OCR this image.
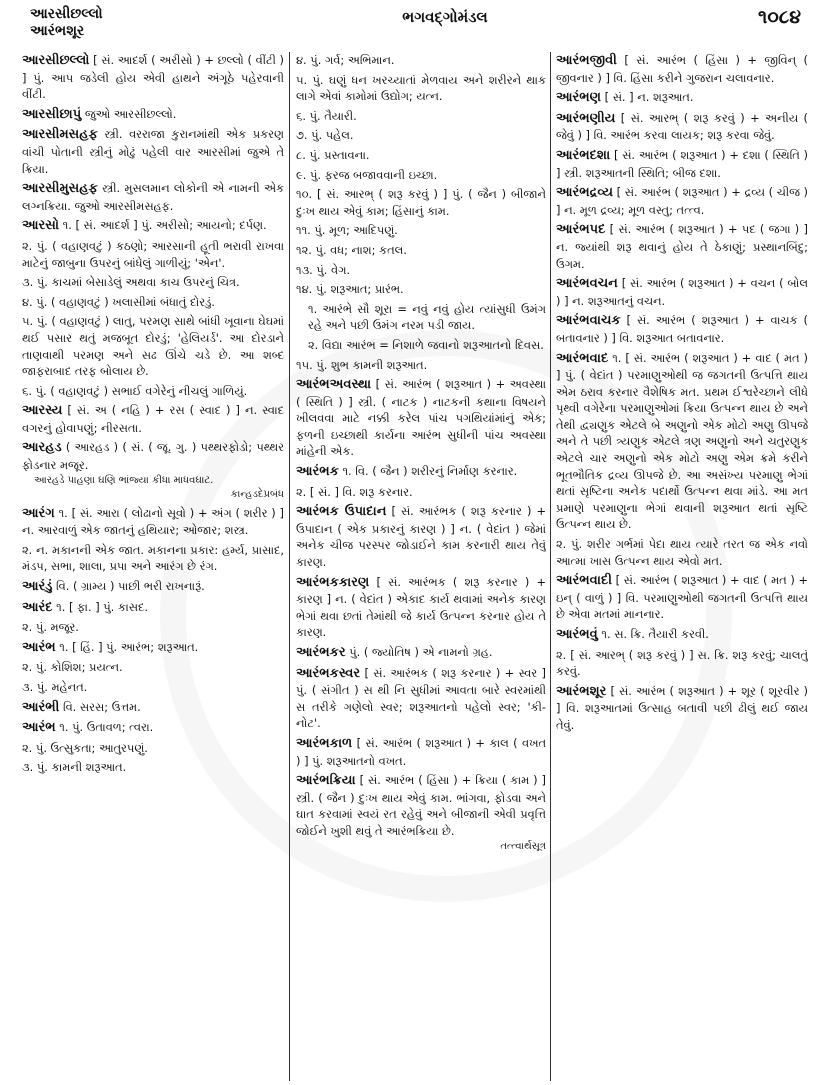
આરસીછલ્લો
આરંભશૂર
ભગવદ્ગોમંડલ	૧૦૮૪
આરસીછલ્લો [ સં. આદર્શ ( અરીસો ) + છલ્લો ( વીંટી ) ] પું. આપ જડેલી હોય એવી હાથને અંગૂઠે પહેરવાની વીંટી.
આરસીછાપું જુઓ આરસીછલ્લો.
આરસીમસહફ સ્ત્રી. વરરાજા કુરાનમાંથી એક પ્રકરણ વાંચી પોતાની સ્ત્રીનું મોઢું પહેલી વાર આરસીમાં જુએ તે ક્રિયા.
આરસીમુસહફ સ્ત્રી. મુસલમાન લોકોની એ નામની એક લગ્નક્રિયા. જુઓ આરસીમસહફ.
આરસો ૧. [ સં. આદર્શ ] પું. અરીસો; આયનો; દર્પણ.
૨. પું. ( વહાણવટું ) કઠણો; આરસાની હૂતી ભરાવી રાખવા માટેનું જાબુના ઉપરનું બાંધેલું ગાળીયું; 'એન'.
૩. પું. કાચમાં બેસાડેલું અથવા કાચ ઉપરનું ચિત્ર.
૪. પું. ( વહાણવટું ) ખલાસીમાં બંધાતું દોરડું.
૫. પું. ( વહાણવટું ) લાતુ, પરમણ સાથે બાંધી ખૂવાના ઘેઘમાં થઈ પસાર થતું મજબૂત દોરડું; 'હેલિયર્ડ'. આ દોરડાને તાણવાથી પરમણ અને સઢ ઊંચે ચડે છે. આ શબ્દ જાફરાબાદ તરફ બોલાય છે.
૬. પું. ( વહાણવટું ) સભાઈ વગેરેનું નીચલું ગાળિયું.
આરસ્ય [ સં. અ ( નહિ ) + રસ ( સ્વાદ ) ] ન. સ્વાદ વગરનું હોવાપણું; નીરસતા.
આરહડ ( આરહડ ) ( સં. ( જૂ. ગુ. ) પથ્થરફોડો; પથ્થર ફોડનાર મજૂર.
આરહડે પાહણા ઘણિ ભાંજ્યા કીધા માધવઘાટ.
કાન્હડદેપ્રબંધ
આરંગ ૧. [ સં. આરા ( લોઢાનો સૂવો ) + અંગ ( શરીર ) ] ન. આરવાળું એક જાતનું હથિયાર; ઓજાર; શસ્ત્ર.
૨. ન. મકાનની એક જાત. મકાનના પ્રકાર: હર્મ્ય, પ્રાસાદ, મંડપ, સભા, શાલા, પ્રપા અને આરંગ છે રંગ.
આરંડું વિ. ( ગ્રામ્ય ) પાછી ભરી રાખનારૂં.
આરંદ ૧. [ ફા. ] પું. કાસદ.
૨. પું. મજૂર.
આરંભ ૧. [ હિં. ] પું. આરંભ; શરૂઆત.
૨. પું. કોશિશ; પ્રયત્ન.
૩. પું. મહેનત.
આરંભી વિ. સરસ; ઉત્તમ.
આરંભ ૧. પું. ઉતાવળ; ત્વરા.
૨. પું. ઉત્સુકતા; આતુરપણું.
૩. પું. કામની શરૂઆત.
૪. પું. ગર્વ; અભિમાન.
૫. પું. ઘણું ધન ખરચ્યાતાં મેળવાય અને શરીરને થાક લાગે એવાં કામોમાં ઉદ્યોગ; યત્ન.
૬. પું. તૈયારી.
૭. પું. પહેલ.
૮. પું. પ્રસ્તાવના.
૯. પું. ફરજ બજાવવાની ઇચ્છા.
૧૦. [ સં. આરભ્ ( શરૂ કરવું ) ] પું. ( જૈન ) બીજાને દુઃખ થાય એવું કામ; હિંસાનું કામ.
૧૧. પું. મૂળ; આદિપણું.
૧૨. પું. વધ; નાશ; કતલ.
૧૩. પું. વેગ.
૧૪. પું. શરૂઆત; પ્રારંભ.
૧. આરંભે સૌ શૂરા = નવું નવું હોય ત્યાંસુધી ઉમંગ રહે અને પછી ઉમંગ નરમ પડી જાય.
૨. વિદ્યા આરંભ = નિશાળે જવાનો શરૂઆતનો દિવસ.
૧૫. પું. શુભ કામની શરૂઆત.
આરંભઅવસ્થા [ સં. આરંભ ( શરૂઆત ) + અવસ્થા ( સ્થિતિ ) ] સ્ત્રી. ( નાટક ) નાટકની કથાના વિષયને ખીલવવા માટે નક્કી કરેલ પાંચ પગથિયાંમાંનું એક; ફળની ઇચ્છાથી કાર્યના આરંભ સુધીની પાંચ અવસ્થા માંહેની એક.
આરંભક ૧. વિ. ( જૈન ) શરીરનું નિર્માણ કરનાર.
૨. [ સં. ] વિ. શરૂ કરનાર.
આરંભક ઉપાદાન [ સં. આરંભક ( શરૂ કરનાર ) + ઉપાદાન ( એક પ્રકારનું કારણ ) ] ન. ( વેદાંત ) જેમાં અનેક ચીજ પરસ્પર જોડાઈને કામ કરનારી થાય તેવું કારણ.
આરંભકકારણ [ સં. આરંભક ( શરૂ કરનાર ) + કારણ ] ન. ( વેદાંત ) એકાદ કાર્ય થવામાં અનેક કારણ ભેગાં થવા છતાં તેમાંથી જે કાર્ય ઉત્પન્ન કરનાર હોય તે કારણ.
આરંભકર પું. ( જ્યોતિષ ) એ નામનો ગ્રહ.
આરંભકસ્વર [ સં. આરંભક ( શરૂ કરનાર ) + સ્વર ] પું. ( સંગીત ) સ થી નિ સુધીમાં આવતા બારે સ્વરમાંથી સ તરીકે ગણેલો સ્વર; શરૂઆતનો પહેલો સ્વર; 'કી-નોટ'.
આરંભકાળ [ સં. આરંભ ( શરૂઆત ) + કાલ ( વખત ) ] પું. શરૂઆતનો વખત.
આરંભક્રિયા [ સં. આરંભ ( હિંસા ) + ક્રિયા ( કામ ) ] સ્ત્રી. ( જૈન ) દુઃખ થાય એવું કામ. ભાંગવા, ફોડવા અને ઘાત કરવામાં સ્વયં રત રહેવું અને બીજાની એવી પ્રવૃત્તિ જોઈને ખુશી થવું તે આરંભક્રિયા છે.
તત્ત્વાર્થસૂત્ર
આરંભજીવી [ સં. આરંભ ( હિંસા ) + જીવિન્ ( જીવનાર ) ] વિ. હિંસા કરીને ગુજરાન ચલાવનાર.
આરંભણ [ સં. ] ન. શરૂઆત.
આરંભણીય [ સં. આરભ્ ( શરૂ કરવું ) + અનીય ( જેવું ) ] વિ. આરંભ કરવા લાયક; શરૂ કરવા જેવું.
આરંભદશા [ સં. આરંભ ( શરૂઆત ) + દશા ( સ્થિતિ ) ] સ્ત્રી. શરૂઆતની સ્થિતિ; બીજ દશા.
આરંભદ્રવ્ય [ સં. આરંભ ( શરૂઆત ) + દ્રવ્ય ( ચીજ ) ] ન. મૂળ દ્રવ્ય; મૂળ વસ્તુ; તત્ત્વ.
આરંભપદ [ સં. આરંભ ( શરૂઆત ) + પદ ( જગા ) ] ન. જ્યાંથી શરૂ થવાનું હોય તે ઠેકાણું; પ્રસ્થાનબિંદુ; ઉગમ.
આરંભવચન [ સં. આરંભ ( શરૂઆત ) + વચન ( બોલ ) ] ન. શરૂઆતનું વચન.
આરંભવાચક [ સં. આરંભ ( શરૂઆત ) + વાચક ( બતાવનાર ) ] વિ. શરૂઆત બતાવનાર.
આરંભવાદ ૧. [ સં. આરંભ ( શરૂઆત ) + વાદ ( મત ) ] પું. ( વેદાંત ) પરમાણુઓથી જ જગતની ઉત્પત્તિ થાય એમ ઠરાવ કરનાર વૈશેષિક મત. પ્રથમ ઈશ્વરેચ્છાને લીધે પૃથ્વી વગેરેના પરમાણુઓમાં ક્રિયા ઉત્પન્ન થાય છે અને તેથી દ્વ્યણુક એટલે બે અણુનો એક મોટો અણુ ઊપજે અને તે પછી ત્ર્યણુક એટલે ત્રણ અણુનો અને ચતુરણુક એટલે ચાર અણુનો એક મોટો અણુ એમ ક્રમે કરીને ભૂતભૌતિક દ્રવ્ય ઊપજે છે. આ અસંખ્ય પરમાણુ ભેગાં થતાં સૃષ્ટિના અનેક પદાર્થો ઉત્પન્ન થવા માંડે. આ મત પ્રમાણે પરમાણુના ભેગાં થવાની શરૂઆત થતાં સૃષ્ટિ ઉત્પન્ન થાય છે.
૨. પું. શરીર ગર્ભમાં પેદા થાય ત્યારે તરત જ એક નવો આત્મા ખાસ ઉત્પન્ન થાય એવો મત.
આરંભવાદી [ સં. આરંભ ( શરૂઆત ) + વાદ ( મત ) + ઇન્ ( વાળું ) ] વિ. પરમાણુઓથી જગતની ઉત્પત્તિ થાય છે એવા મતમાં માનનાર.
આરંભવું ૧. સ. ક્રિ. તૈયારી કરવી.
૨. [ સં. આરભ્ ( શરૂ કરવું ) ] સ. ક્રિ. શરૂ કરવું; ચાલતું કરવું.
આરંભશૂર [ સં. આરંભ ( શરૂઆત ) + શૂર ( શૂરવીર ) ] વિ. શરૂઆતમાં ઉત્સાહ બતાવી પછી ઢીલું થઈ જાય તેવું.
